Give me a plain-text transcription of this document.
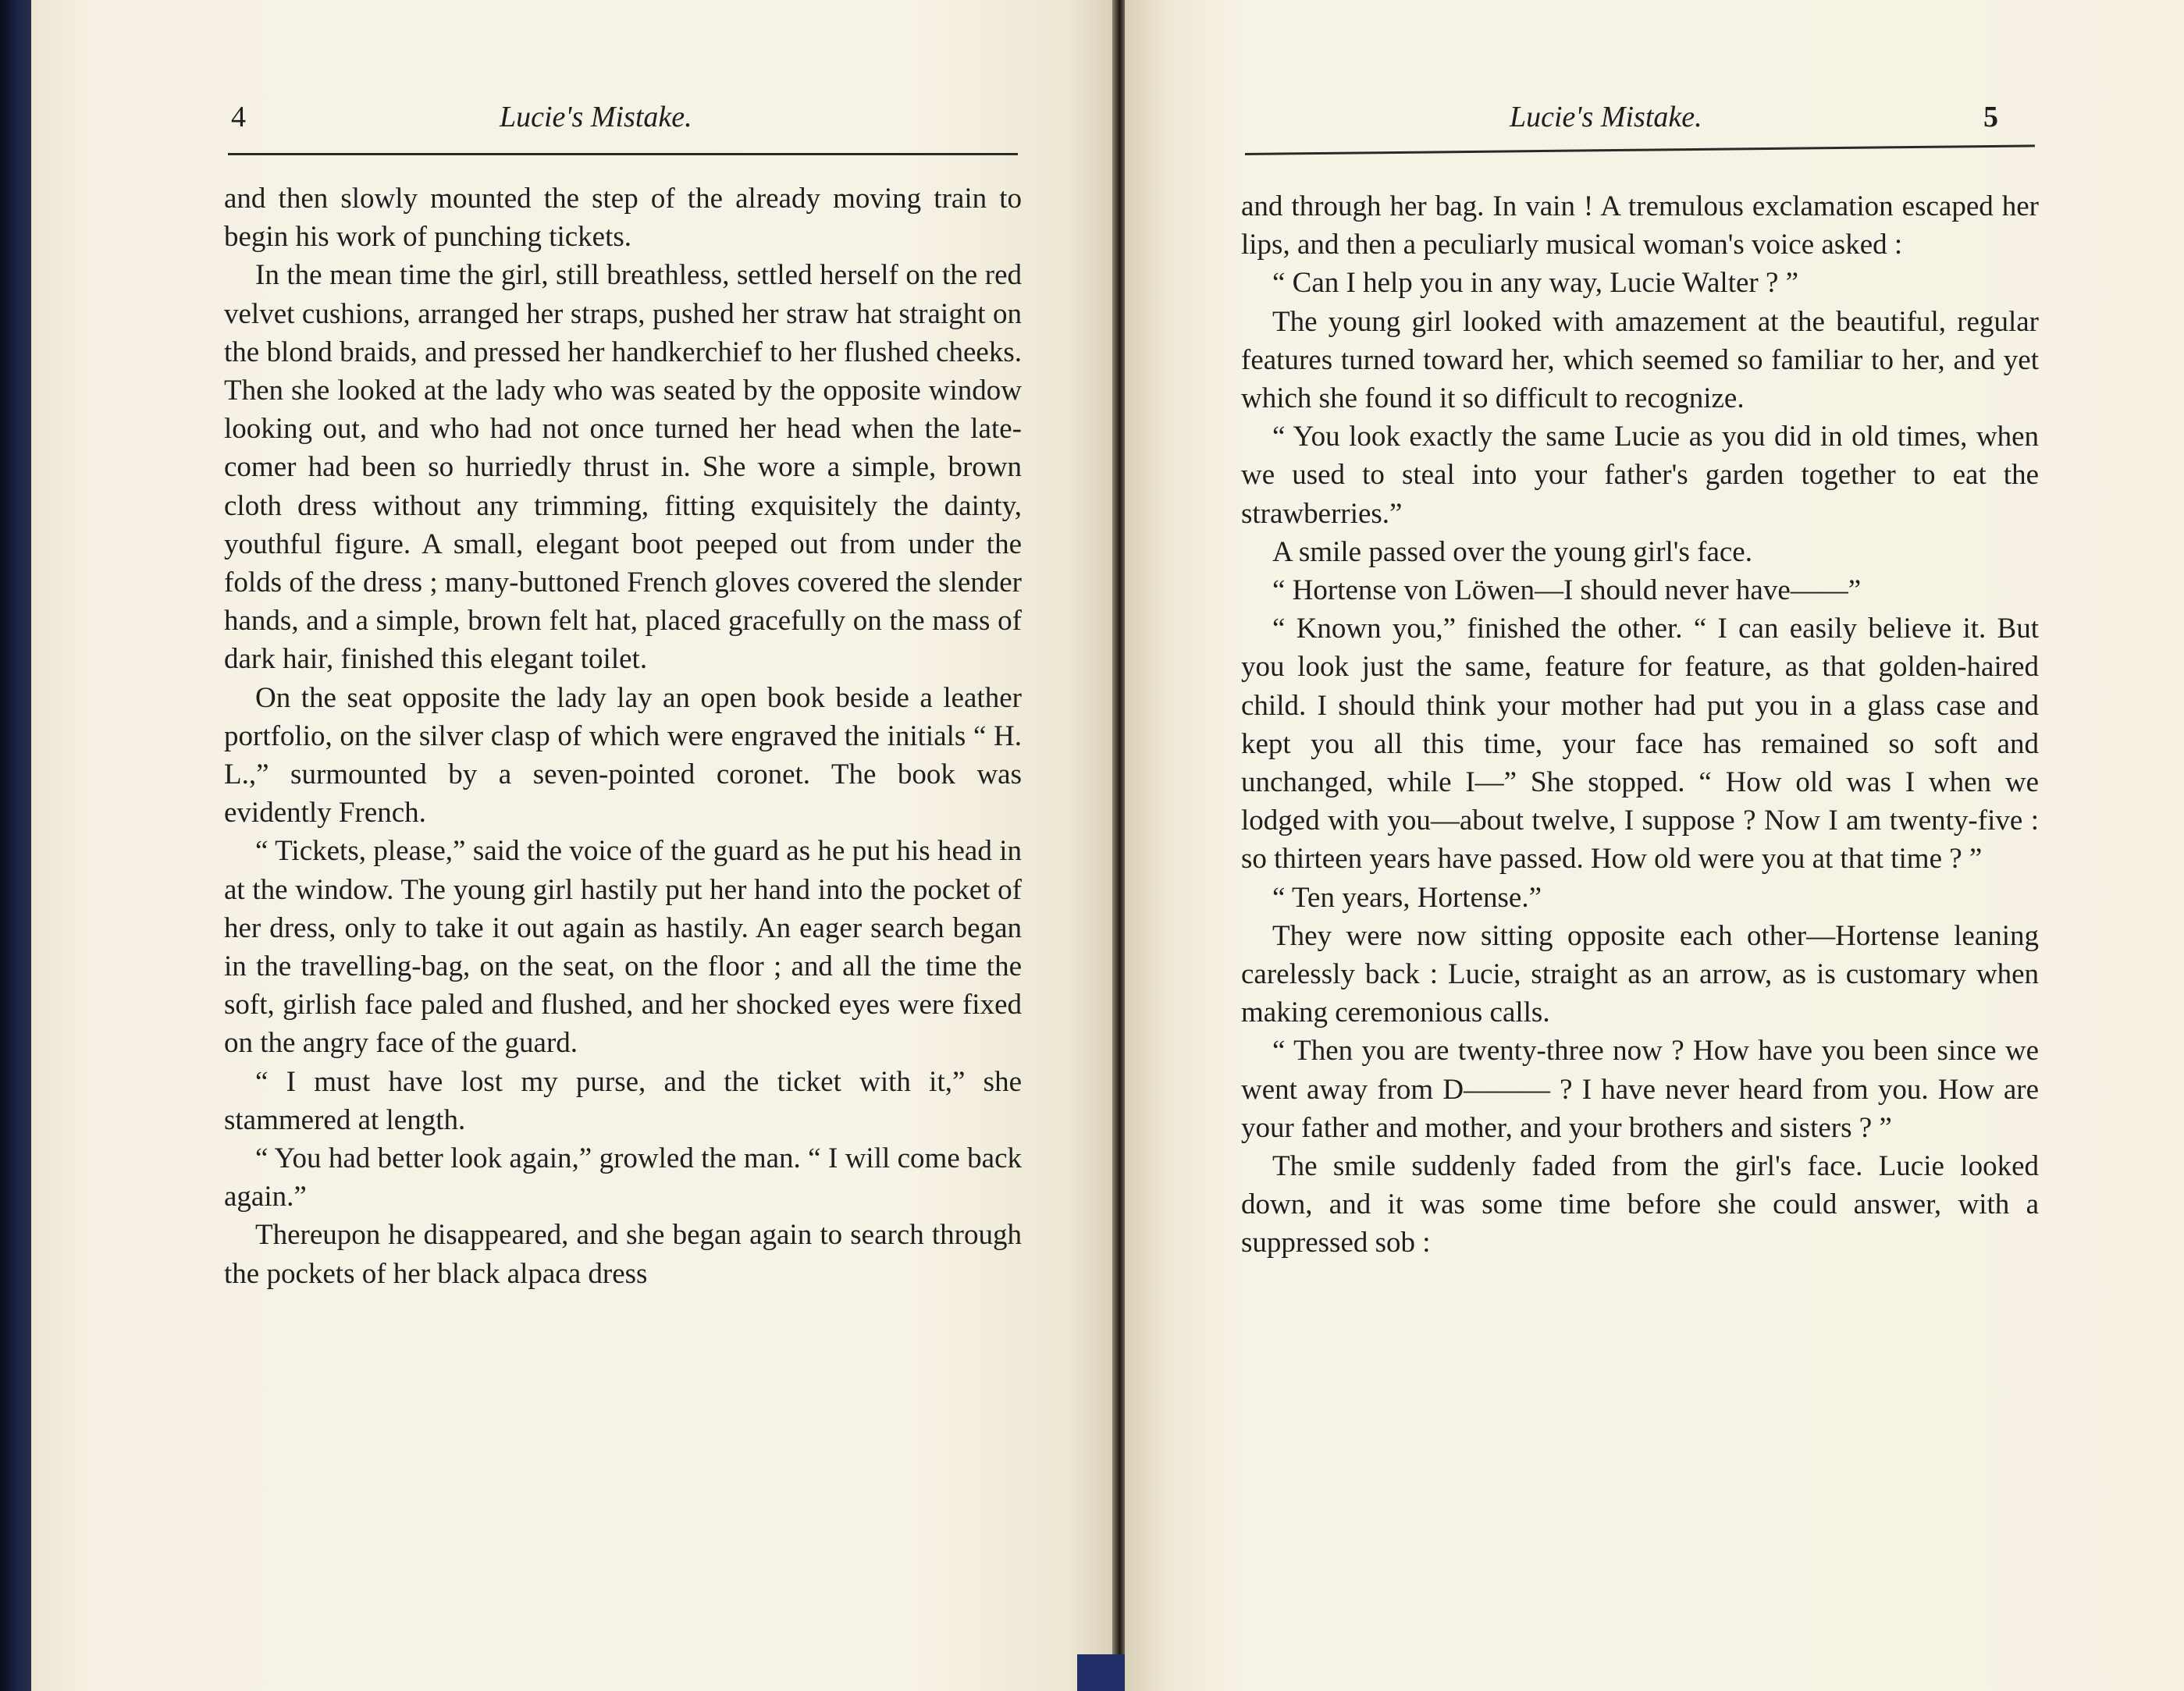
4	Lucie's Mistake.

and then slowly mounted the step of the already moving train to begin his work of punching tickets.

In the mean time the girl, still breathless, settled herself on the red velvet cushions, arranged her straps, pushed her straw hat straight on the blond braids, and pressed her handkerchief to her flushed cheeks. Then she looked at the lady who was seated by the opposite window looking out, and who had not once turned her head when the late-comer had been so hurriedly thrust in. She wore a simple, brown cloth dress without any trimming, fitting exquisitely the dainty, youthful figure. A small, elegant boot peeped out from under the folds of the dress ; many-buttoned French gloves covered the slender hands, and a simple, brown felt hat, placed gracefully on the mass of dark hair, finished this elegant toilet.

On the seat opposite the lady lay an open book beside a leather portfolio, on the silver clasp of which were engraved the initials “ H. L.,” surmounted by a seven-pointed coronet. The book was evidently French.

“ Tickets, please,” said the voice of the guard as he put his head in at the window. The young girl hastily put her hand into the pocket of her dress, only to take it out again as hastily. An eager search began in the travelling-bag, on the seat, on the floor ; and all the time the soft, girlish face paled and flushed, and her shocked eyes were fixed on the angry face of the guard.

“ I must have lost my purse, and the ticket with it,” she stammered at length.

“ You had better look again,” growled the man. “ I will come back again.”

Thereupon he disappeared, and she began again to search through the pockets of her black alpaca dress

Lucie's Mistake.	5

and through her bag. In vain ! A tremulous exclamation escaped her lips, and then a peculiarly musical woman's voice asked :

“ Can I help you in any way, Lucie Walter ? ”

The young girl looked with amazement at the beautiful, regular features turned toward her, which seemed so familiar to her, and yet which she found it so difficult to recognize.

“ You look exactly the same Lucie as you did in old times, when we used to steal into your father's garden together to eat the strawberries.”

A smile passed over the young girl's face.

“ Hortense von Löwen—I should never have——”

“ Known you,” finished the other. “ I can easily believe it. But you look just the same, feature for feature, as that golden-haired child. I should think your mother had put you in a glass case and kept you all this time, your face has remained so soft and unchanged, while I—” She stopped. “ How old was I when we lodged with you—about twelve, I suppose ? Now I am twenty-five : so thirteen years have passed. How old were you at that time ? ”

“ Ten years, Hortense.”

They were now sitting opposite each other—Hortense leaning carelessly back : Lucie, straight as an arrow, as is customary when making ceremonious calls.

“ Then you are twenty-three now ? How have you been since we went away from D——— ? I have never heard from you. How are your father and mother, and your brothers and sisters ? ”

The smile suddenly faded from the girl's face. Lucie looked down, and it was some time before she could answer, with a suppressed sob :
